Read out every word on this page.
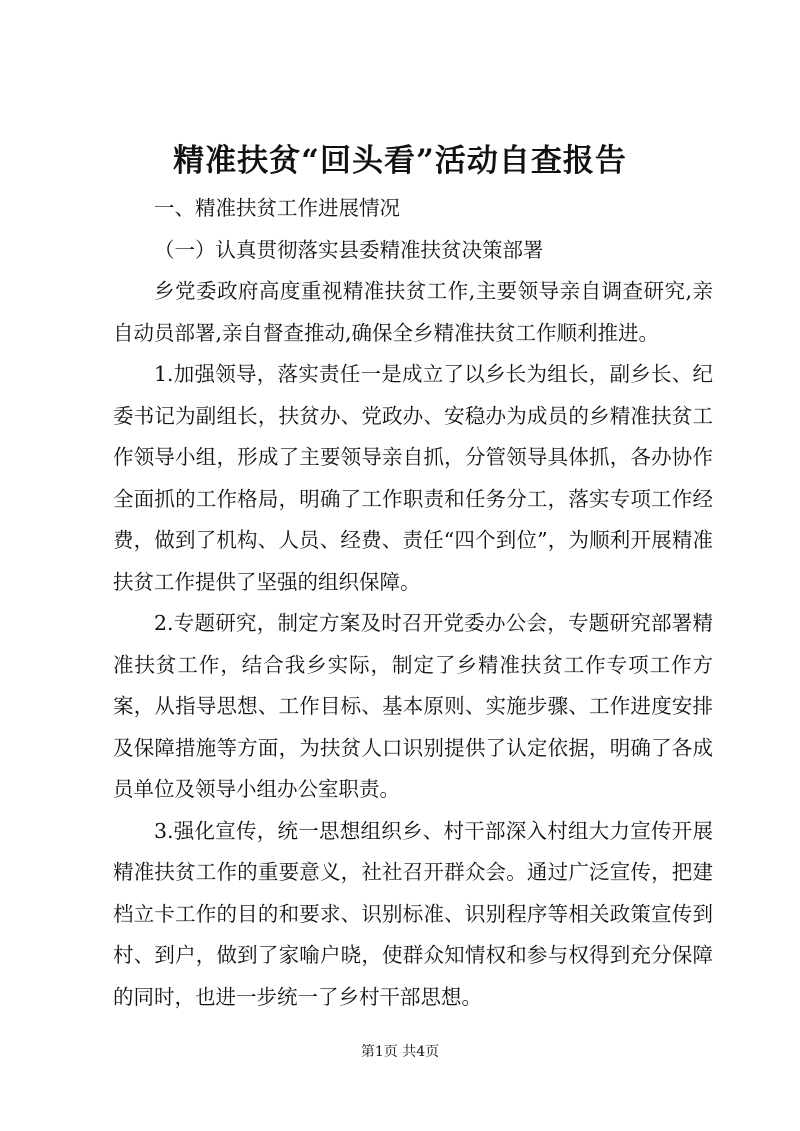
精准扶贫“回头看”活动自查报告

一、精准扶贫工作进展情况

（一）认真贯彻落实县委精准扶贫决策部署

乡党委政府高度重视精准扶贫工作,主要领导亲自调查研究,亲自动员部署,亲自督查推动,确保全乡精准扶贫工作顺利推进。

1.加强领导，落实责任一是成立了以乡长为组长，副乡长、纪委书记为副组长，扶贫办、党政办、安稳办为成员的乡精准扶贫工作领导小组，形成了主要领导亲自抓，分管领导具体抓，各办协作全面抓的工作格局，明确了工作职责和任务分工，落实专项工作经费，做到了机构、人员、经费、责任“四个到位”，为顺利开展精准扶贫工作提供了坚强的组织保障。

2.专题研究，制定方案及时召开党委办公会，专题研究部署精准扶贫工作，结合我乡实际，制定了乡精准扶贫工作专项工作方案，从指导思想、工作目标、基本原则、实施步骤、工作进度安排及保障措施等方面，为扶贫人口识别提供了认定依据，明确了各成员单位及领导小组办公室职责。

3.强化宣传，统一思想组织乡、村干部深入村组大力宣传开展精准扶贫工作的重要意义，社社召开群众会。通过广泛宣传，把建档立卡工作的目的和要求、识别标准、识别程序等相关政策宣传到村、到户，做到了家喻户晓，使群众知情权和参与权得到充分保障的同时，也进一步统一了乡村干部思想。

第1页 共4页
